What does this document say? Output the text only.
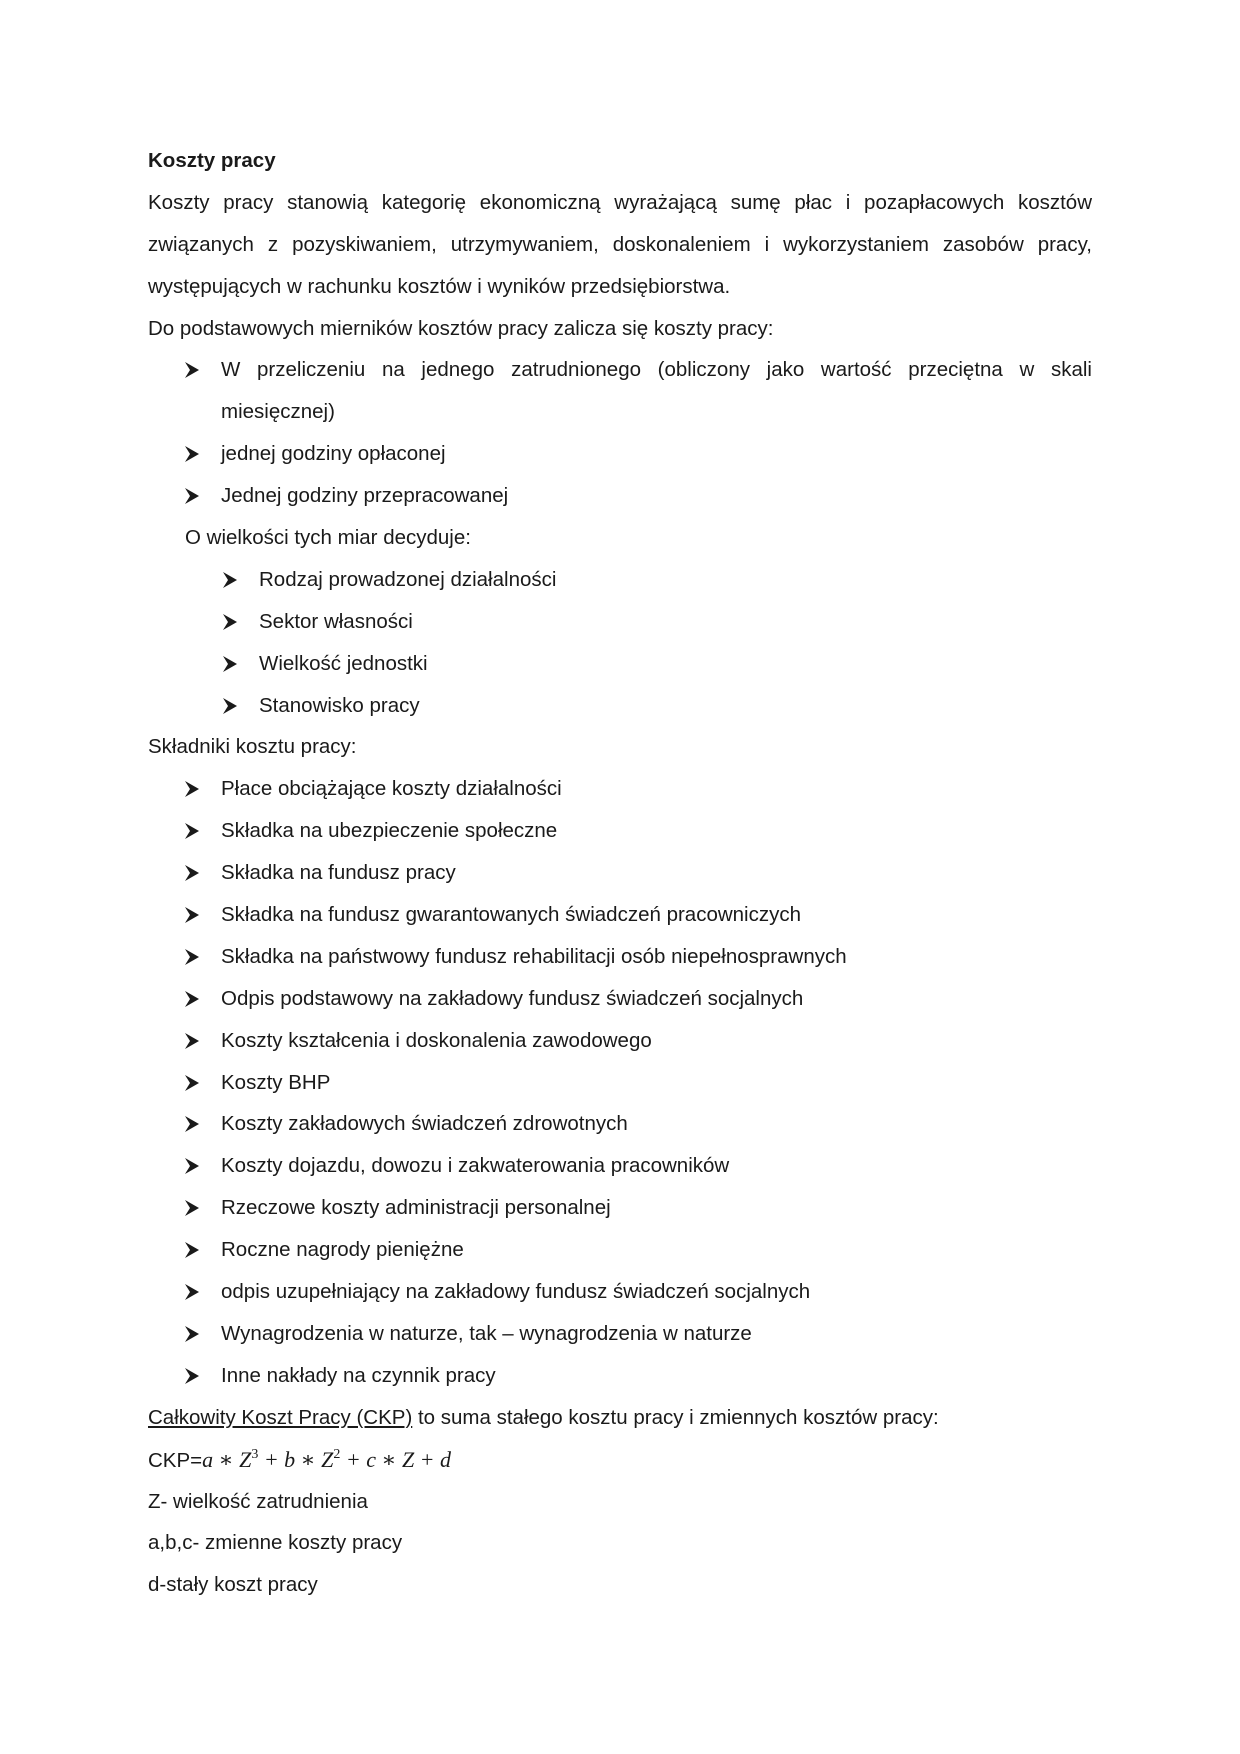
Koszty pracy
Koszty pracy stanowią kategorię ekonomiczną wyrażającą sumę płac i pozapłacowych kosztów
związanych z pozyskiwaniem, utrzymywaniem, doskonaleniem i wykorzystaniem zasobów pracy,
występujących w rachunku kosztów i wyników przedsiębiorstwa.
Do podstawowych mierników kosztów pracy zalicza się koszty pracy:
W przeliczeniu na jednego zatrudnionego (obliczony jako wartość przeciętna w skali
miesięcznej)
jednej godziny opłaconej
Jednej godziny przepracowanej
O wielkości tych miar decyduje:
Rodzaj prowadzonej działalności
Sektor własności
Wielkość jednostki
Stanowisko pracy
Składniki kosztu pracy:
Płace obciążające koszty działalności
Składka na ubezpieczenie społeczne
Składka na fundusz pracy
Składka na fundusz gwarantowanych świadczeń pracowniczych
Składka na państwowy fundusz rehabilitacji osób niepełnosprawnych
Odpis podstawowy na zakładowy fundusz świadczeń socjalnych
Koszty kształcenia i doskonalenia zawodowego
Koszty BHP
Koszty zakładowych świadczeń zdrowotnych
Koszty dojazdu, dowozu i zakwaterowania pracowników
Rzeczowe koszty administracji personalnej
Roczne nagrody pieniężne
odpis uzupełniający na zakładowy fundusz świadczeń socjalnych
Wynagrodzenia w naturze, tak – wynagrodzenia w naturze
Inne nakłady na czynnik pracy
Całkowity Koszt Pracy (CKP) to suma stałego kosztu pracy i zmiennych kosztów pracy:
CKP=a ∗ $Z^3 + b$ ∗ $Z^2 + c$ ∗ Z + d
Z- wielkość zatrudnienia
a,b,c- zmienne koszty pracy
d-stały koszt pracy
